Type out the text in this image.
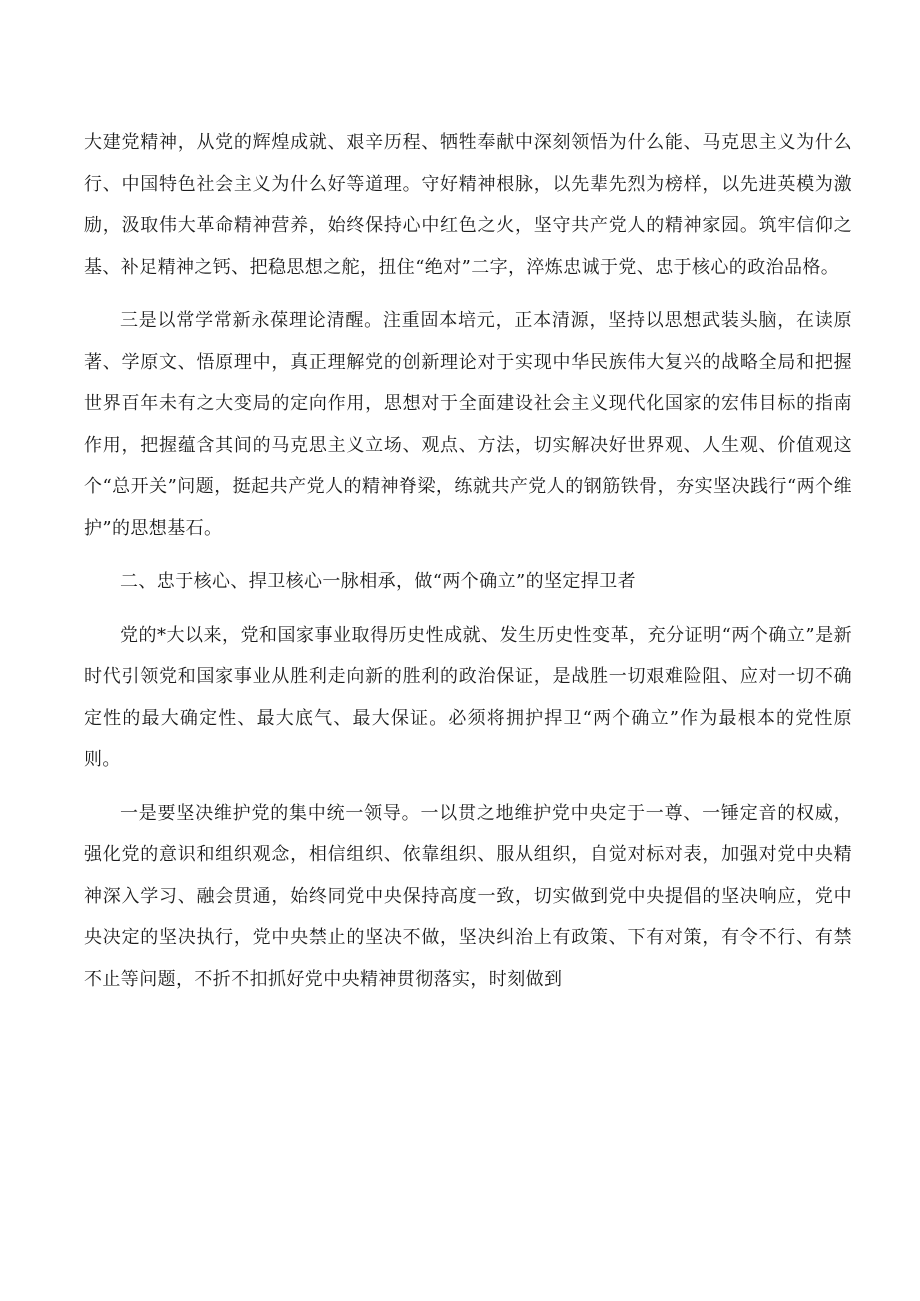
大建党精神，从党的辉煌成就、艰辛历程、牺牲奉献中深刻领悟为什么能、马克思主义为什么行、中国特色社会主义为什么好等道理。守好精神根脉，以先辈先烈为榜样，以先进英模为激励，汲取伟大革命精神营养，始终保持心中红色之火，坚守共产党人的精神家园。筑牢信仰之基、补足精神之钙、把稳思想之舵，扭住“绝对”二字，淬炼忠诚于党、忠于核心的政治品格。

三是以常学常新永葆理论清醒。注重固本培元，正本清源，坚持以思想武装头脑，在读原著、学原文、悟原理中，真正理解党的创新理论对于实现中华民族伟大复兴的战略全局和把握世界百年未有之大变局的定向作用，思想对于全面建设社会主义现代化国家的宏伟目标的指南作用，把握蕴含其间的马克思主义立场、观点、方法，切实解决好世界观、人生观、价值观这个“总开关”问题，挺起共产党人的精神脊梁，练就共产党人的钢筋铁骨，夯实坚决践行“两个维护”的思想基石。

二、忠于核心、捍卫核心一脉相承，做“两个确立”的坚定捍卫者

党的*大以来，党和国家事业取得历史性成就、发生历史性变革，充分证明“两个确立”是新时代引领党和国家事业从胜利走向新的胜利的政治保证，是战胜一切艰难险阻、应对一切不确定性的最大确定性、最大底气、最大保证。必须将拥护捍卫“两个确立”作为最根本的党性原则。

一是要坚决维护党的集中统一领导。一以贯之地维护党中央定于一尊、一锤定音的权威，强化党的意识和组织观念，相信组织、依靠组织、服从组织，自觉对标对表，加强对党中央精神深入学习、融会贯通，始终同党中央保持高度一致，切实做到党中央提倡的坚决响应，党中央决定的坚决执行，党中央禁止的坚决不做，坚决纠治上有政策、下有对策，有令不行、有禁不止等问题，不折不扣抓好党中央精神贯彻落实，时刻做到
